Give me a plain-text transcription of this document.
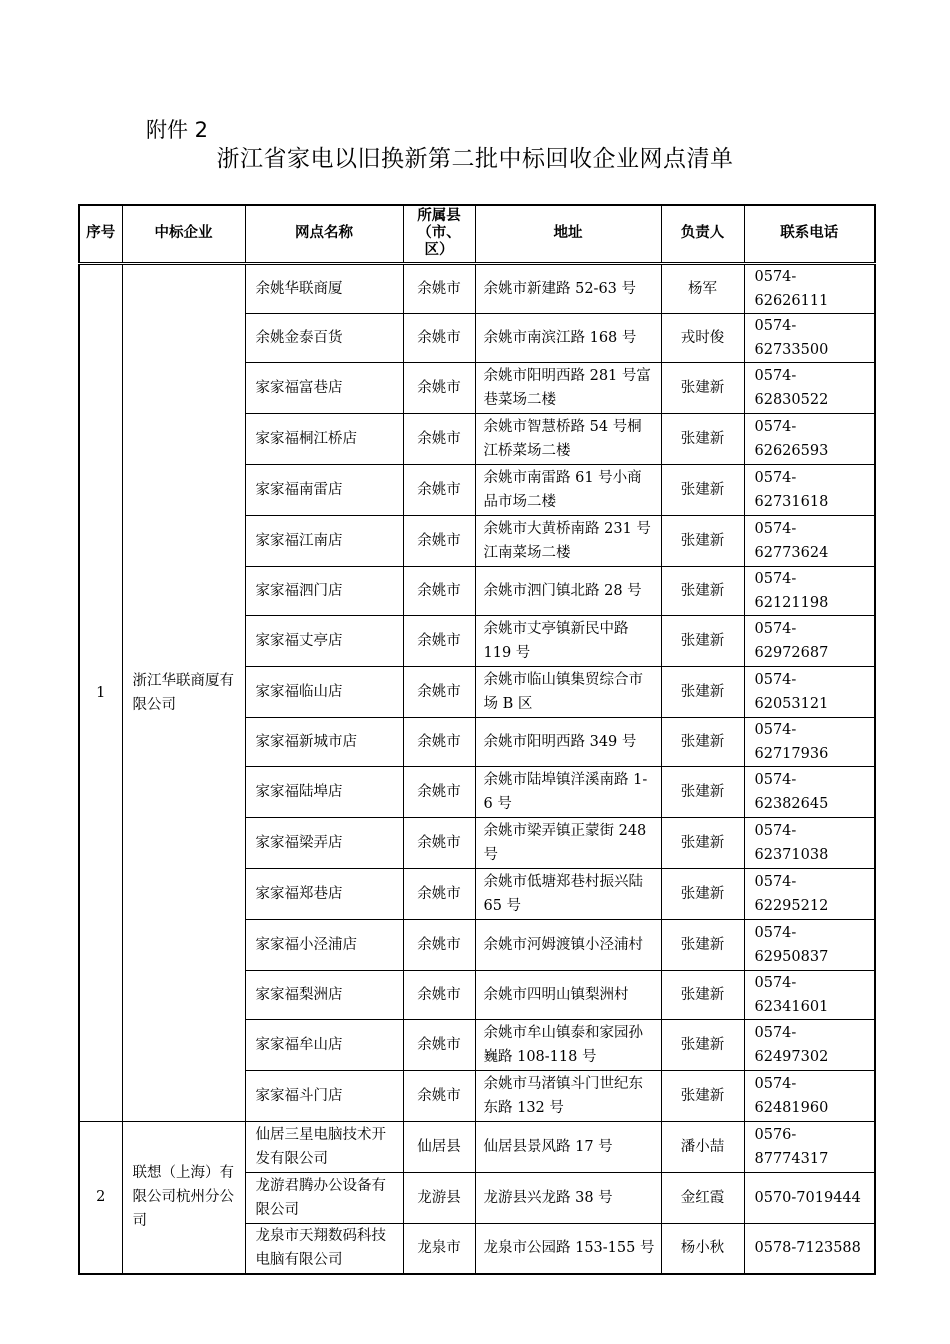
附件 2
浙江省家电以旧换新第二批中标回收企业网点清单
序号	中标企业	网点名称	所属县（市、区）	地址	负责人	联系电话
1	浙江华联商厦有限公司	余姚华联商厦	余姚市	余姚市新建路 52-63 号	杨军	0574-62626111
		余姚金泰百货	余姚市	余姚市南滨江路 168 号	戎时俊	0574-62733500
		家家福富巷店	余姚市	余姚市阳明西路 281 号富巷菜场二楼	张建新	0574-62830522
		家家福桐江桥店	余姚市	余姚市智慧桥路 54 号桐江桥菜场二楼	张建新	0574-62626593
		家家福南雷店	余姚市	余姚市南雷路 61 号小商品市场二楼	张建新	0574-62731618
		家家福江南店	余姚市	余姚市大黄桥南路 231 号江南菜场二楼	张建新	0574-62773624
		家家福泗门店	余姚市	余姚市泗门镇北路 28 号	张建新	0574-62121198
		家家福丈亭店	余姚市	余姚市丈亭镇新民中路 119 号	张建新	0574-62972687
		家家福临山店	余姚市	余姚市临山镇集贸综合市场 B 区	张建新	0574-62053121
		家家福新城市店	余姚市	余姚市阳明西路 349 号	张建新	0574-62717936
		家家福陆埠店	余姚市	余姚市陆埠镇洋溪南路 1-6 号	张建新	0574-62382645
		家家福梁弄店	余姚市	余姚市梁弄镇正蒙街 248 号	张建新	0574-62371038
		家家福郑巷店	余姚市	余姚市低塘郑巷村振兴陆 65 号	张建新	0574-62295212
		家家福小泾浦店	余姚市	余姚市河姆渡镇小泾浦村	张建新	0574-62950837
		家家福梨洲店	余姚市	余姚市四明山镇梨洲村	张建新	0574-62341601
		家家福牟山店	余姚市	余姚市牟山镇泰和家园孙巍路 108-118 号	张建新	0574-62497302
		家家福斗门店	余姚市	余姚市马渚镇斗门世纪东东路 132 号	张建新	0574-62481960
2	联想（上海）有限公司杭州分公司	仙居三星电脑技术开发有限公司	仙居县	仙居县景风路 17 号	潘小喆	0576-87774317
		龙游君腾办公设备有限公司	龙游县	龙游县兴龙路 38 号	金红霞	0570-7019444
		龙泉市天翔数码科技电脑有限公司	龙泉市	龙泉市公园路 153-155 号	杨小秋	0578-7123588
